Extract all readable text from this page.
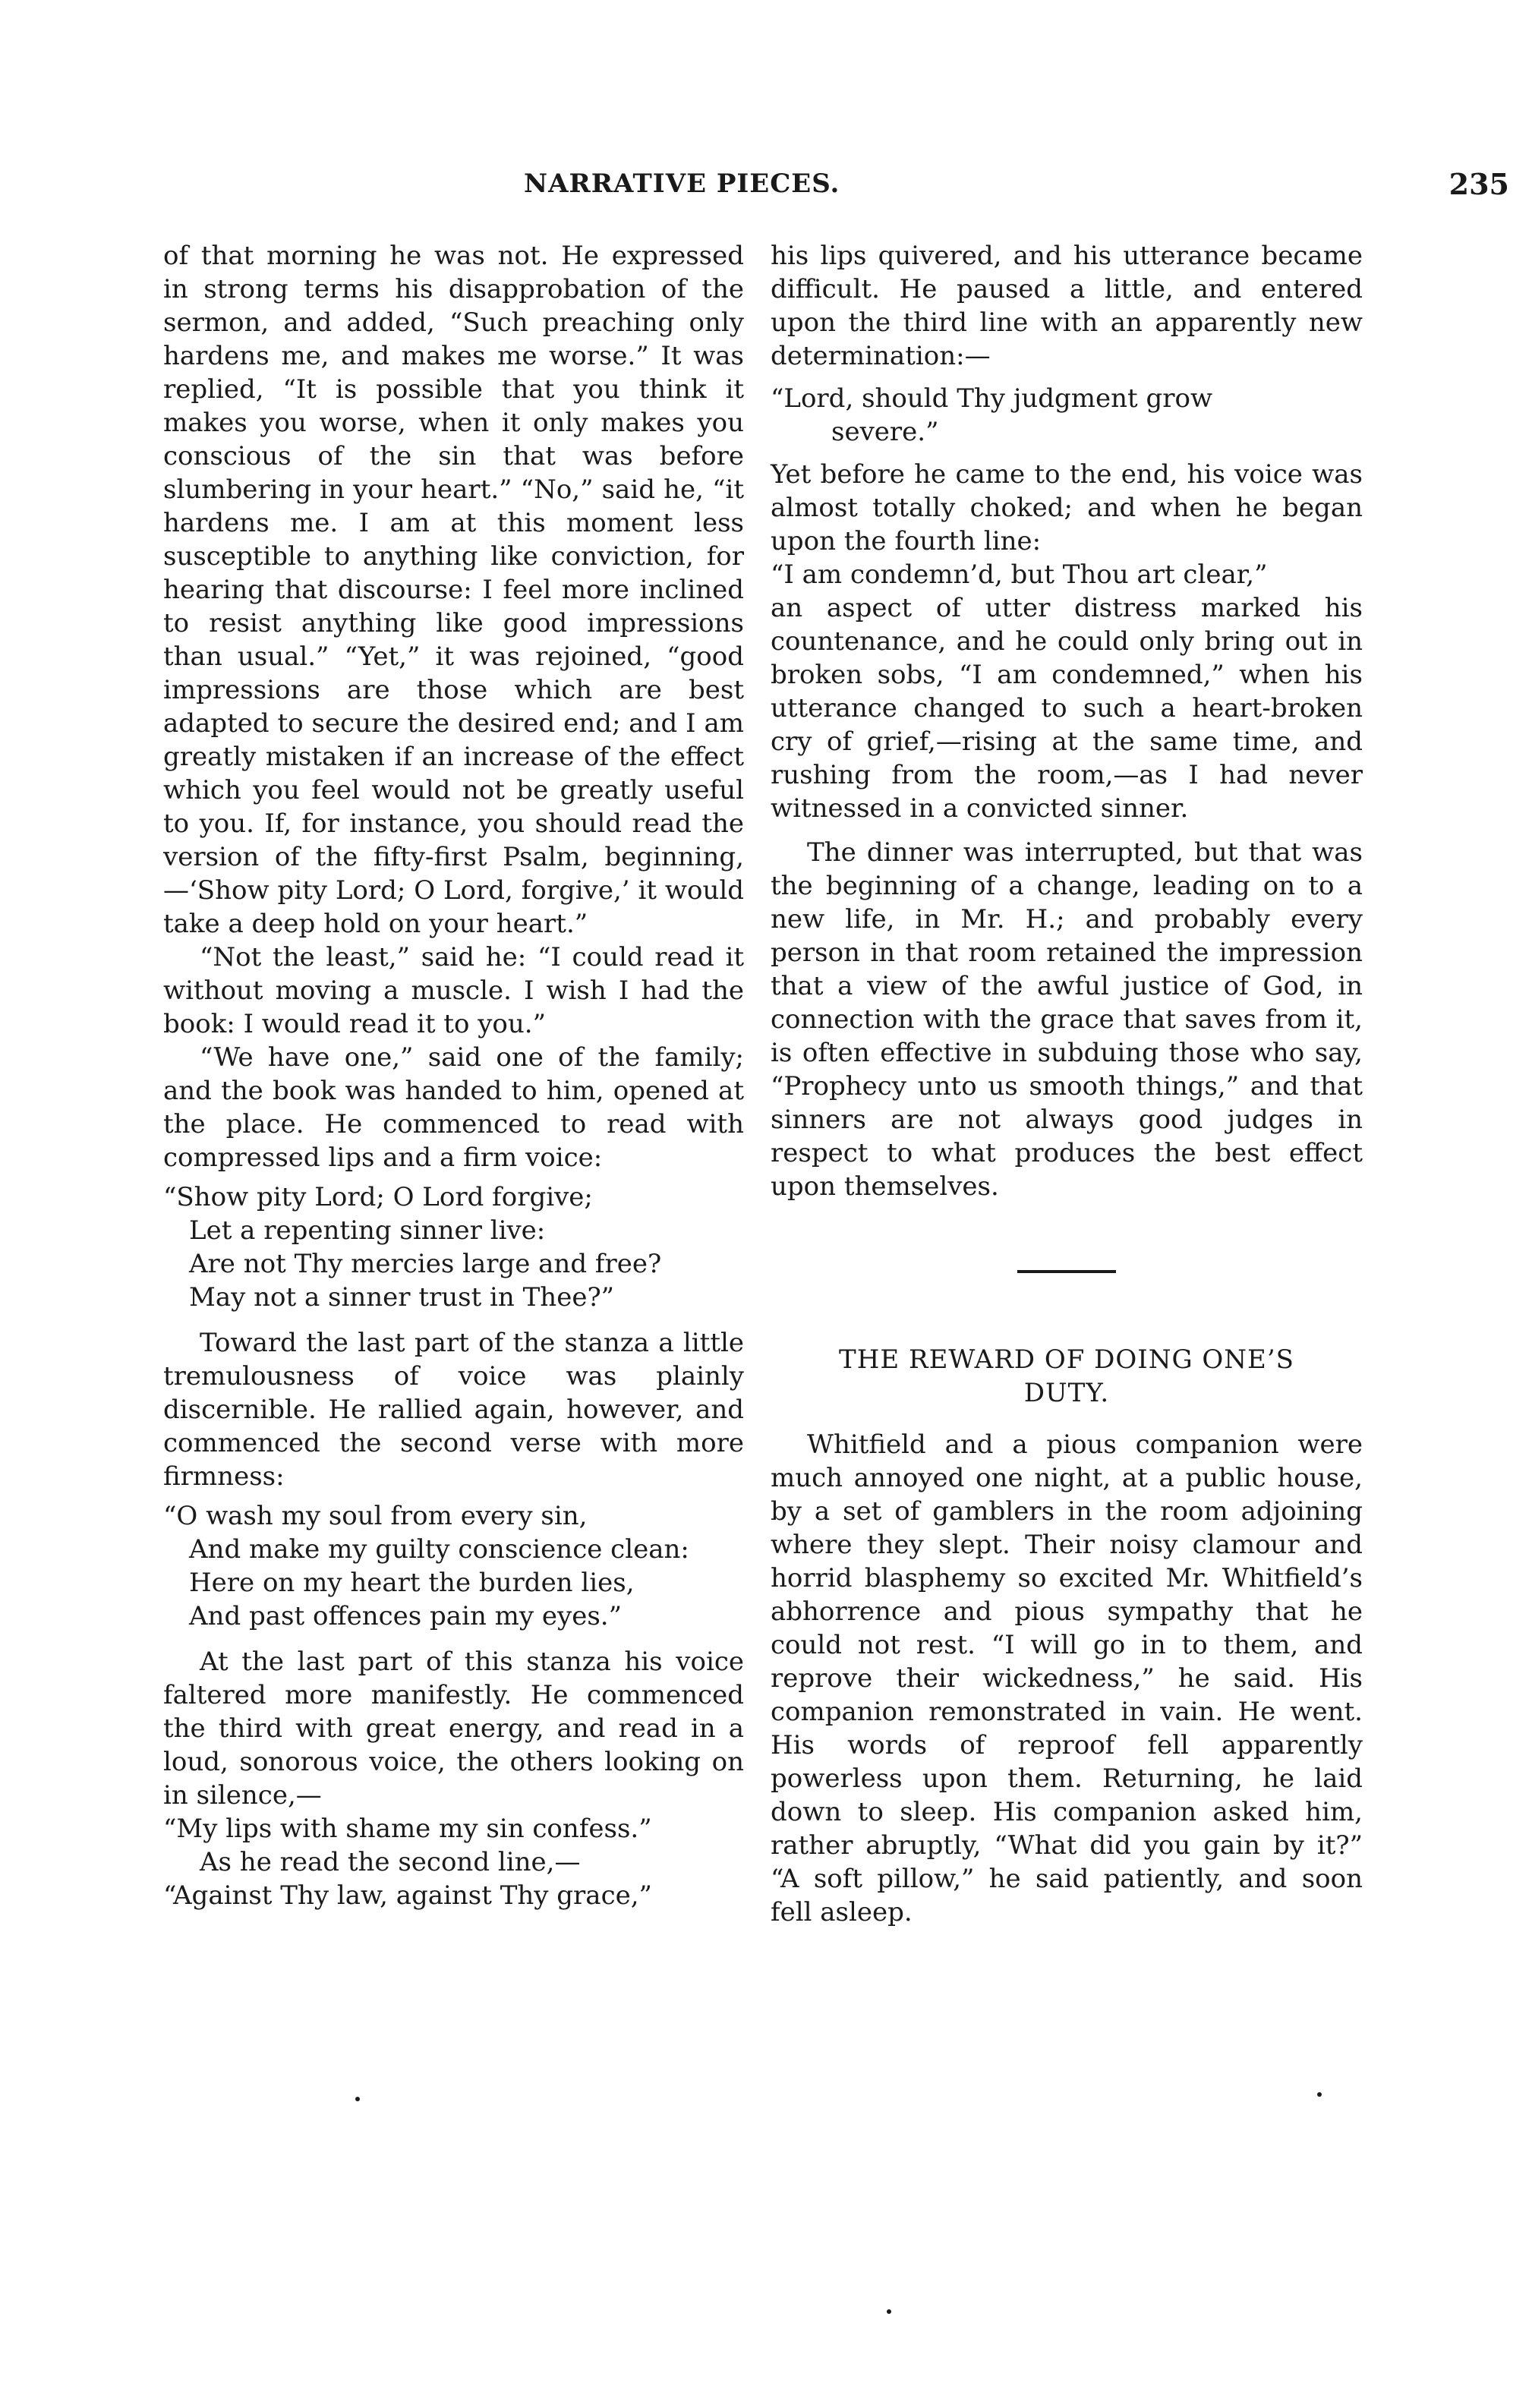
NARRATIVE PIECES.	235

of that morning he was not. He expressed in strong terms his disapprobation of the sermon, and added, “Such preaching only hardens me, and makes me worse.” It was replied, “It is possible that you think it makes you worse, when it only makes you conscious of the sin that was before slumbering in your heart.” “No,” said he, “it hardens me. I am at this moment less susceptible to anything like conviction, for hearing that discourse: I feel more inclined to resist anything like good impressions than usual.” “Yet,” it was rejoined, “good impressions are those which are best adapted to secure the desired end; and I am greatly mistaken if an increase of the effect which you feel would not be greatly useful to you. If, for instance, you should read the version of the fifty-first Psalm, beginning,—‘Show pity Lord; O Lord, forgive,’ it would take a deep hold on your heart.”

“Not the least,” said he: “I could read it without moving a muscle. I wish I had the book: I would read it to you.”

“We have one,” said one of the family; and the book was handed to him, opened at the place. He commenced to read with compressed lips and a firm voice:

“Show pity Lord; O Lord forgive;
Let a repenting sinner live:
Are not Thy mercies large and free?
May not a sinner trust in Thee?”

Toward the last part of the stanza a little tremulousness of voice was plainly discernible. He rallied again, however, and commenced the second verse with more firmness:

“O wash my soul from every sin,
And make my guilty conscience clean:
Here on my heart the burden lies,
And past offences pain my eyes.”

At the last part of this stanza his voice faltered more manifestly. He commenced the third with great energy, and read in a loud, sonorous voice, the others looking on in silence,—

“My lips with shame my sin confess.”

As he read the second line,—

“Against Thy law, against Thy grace,”

his lips quivered, and his utterance became difficult. He paused a little, and entered upon the third line with an apparently new determination:—

“Lord, should Thy judgment grow
severe.”

Yet before he came to the end, his voice was almost totally choked; and when he began upon the fourth line:

“I am condemn’d, but Thou art clear,”

an aspect of utter distress marked his countenance, and he could only bring out in broken sobs, “I am condemned,” when his utterance changed to such a heart-broken cry of grief,—rising at the same time, and rushing from the room,—as I had never witnessed in a convicted sinner.

The dinner was interrupted, but that was the beginning of a change, leading on to a new life, in Mr. H.; and probably every person in that room retained the impression that a view of the awful justice of God, in connection with the grace that saves from it, is often effective in subduing those who say, “Prophecy unto us smooth things,” and that sinners are not always good judges in respect to what produces the best effect upon themselves.

THE REWARD OF DOING ONE’S DUTY.

Whitfield and a pious companion were much annoyed one night, at a public house, by a set of gamblers in the room adjoining where they slept. Their noisy clamour and horrid blasphemy so excited Mr. Whitfield’s abhorrence and pious sympathy that he could not rest. “I will go in to them, and reprove their wickedness,” he said. His companion remonstrated in vain. He went. His words of reproof fell apparently powerless upon them. Returning, he laid down to sleep. His companion asked him, rather abruptly, “What did you gain by it?” “A soft pillow,” he said patiently, and soon fell asleep.
